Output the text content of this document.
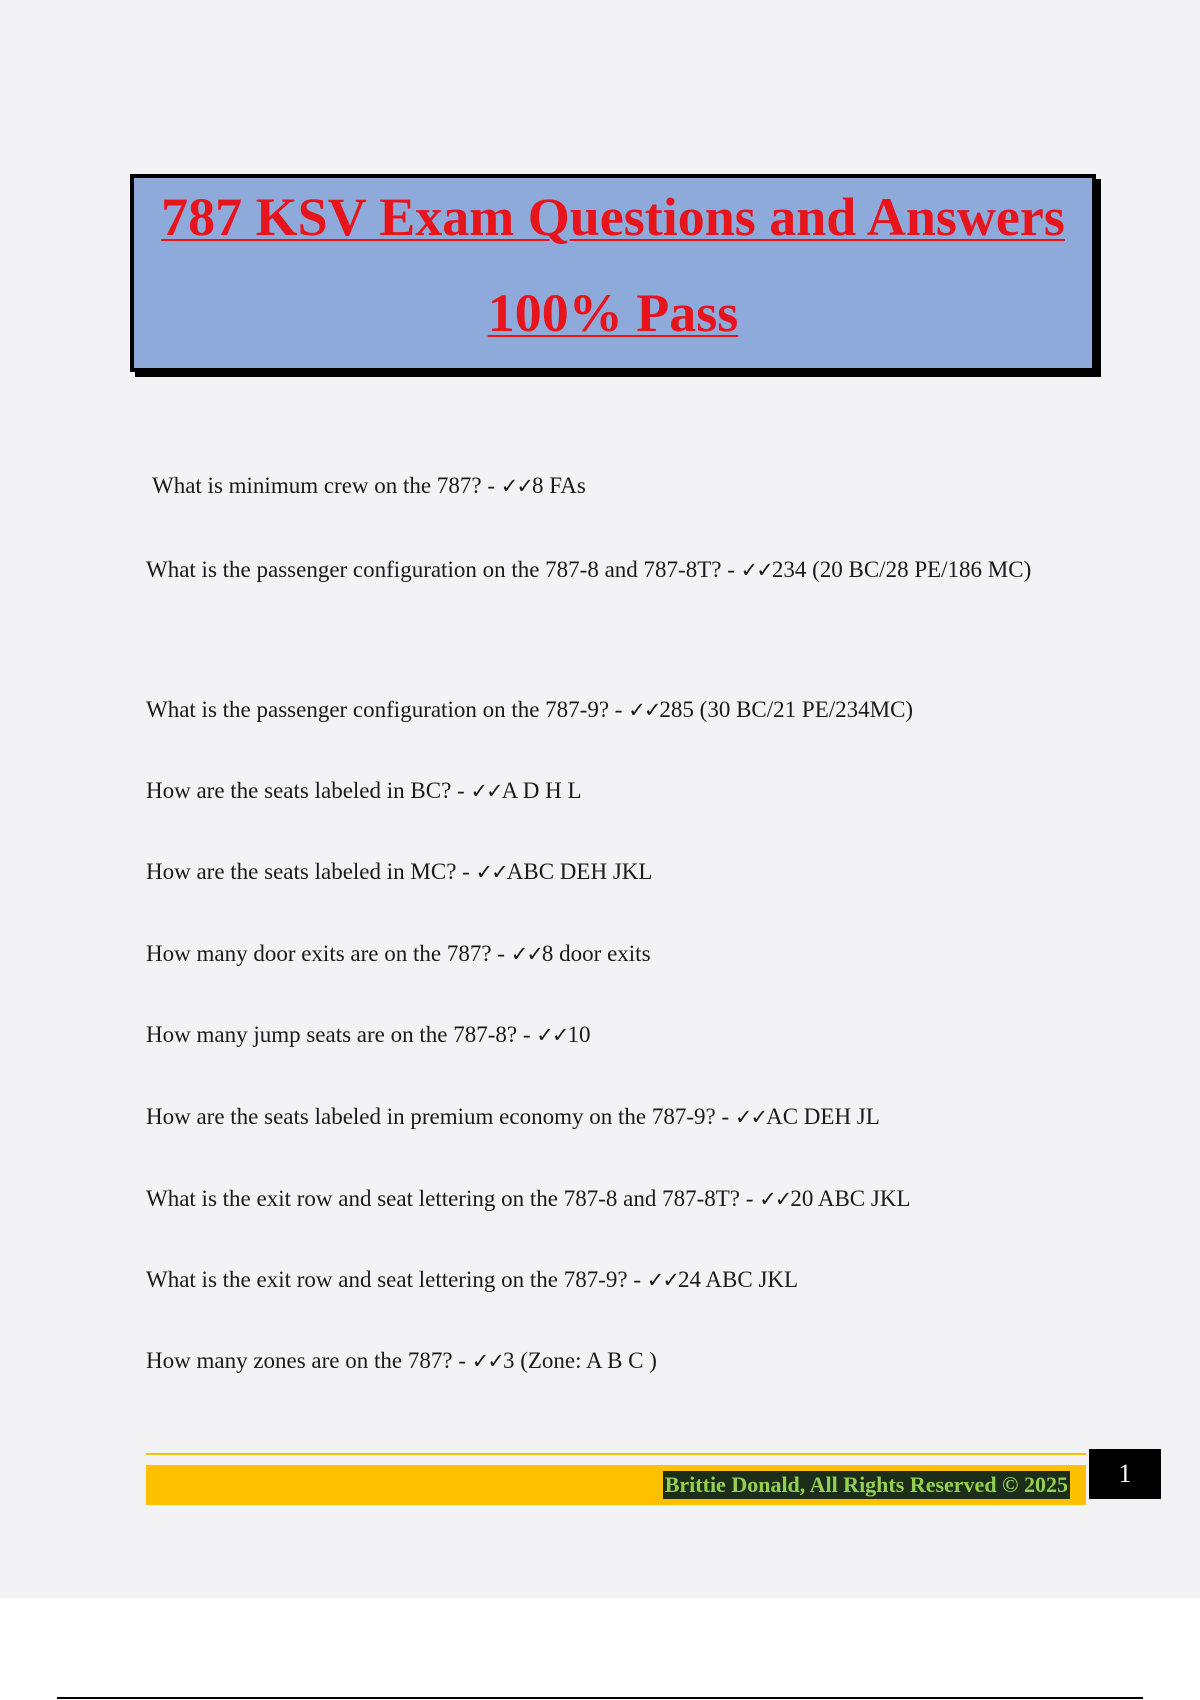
787 KSV Exam Questions and Answers
100% Pass
What is minimum crew on the 787? - ✓✓8 FAs
What is the passenger configuration on the 787-8 and 787-8T? - ✓✓234 (20 BC/28 PE/186 MC)
What is the passenger configuration on the 787-9? - ✓✓285 (30 BC/21 PE/234MC)
How are the seats labeled in BC? - ✓✓A D H L
How are the seats labeled in MC? - ✓✓ABC DEH JKL
How many door exits are on the 787? - ✓✓8 door exits
How many jump seats are on the 787-8? - ✓✓10
How are the seats labeled in premium economy on the 787-9? - ✓✓AC DEH JL
What is the exit row and seat lettering on the 787-8 and 787-8T? - ✓✓20 ABC JKL
What is the exit row and seat lettering on the 787-9? - ✓✓24 ABC JKL
How many zones are on the 787? - ✓✓3 (Zone: A B C )
Brittie Donald, All Rights Reserved © 2025	1
